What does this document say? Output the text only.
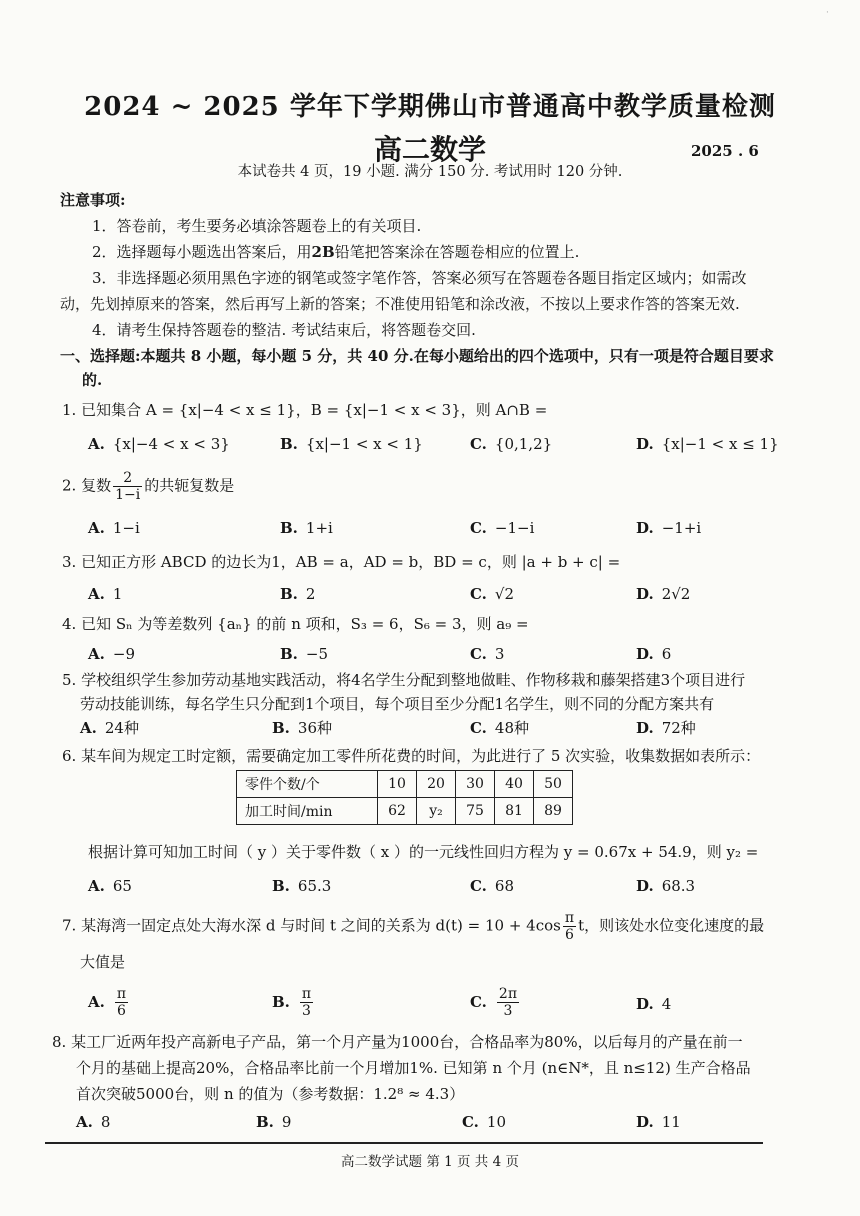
·
2024 ~ 2025 学年下学期佛山市普通高中教学质量检测
高二数学	2025 . 6
本试卷共 4 页，19 小题. 满分 150 分. 考试用时 120 分钟.
注意事项:
1．答卷前，考生要务必填涂答题卷上的有关项目.
2．选择题每小题选出答案后，用2B铅笔把答案涂在答题卷相应的位置上.
3．非选择题必须用黑色字迹的钢笔或签字笔作答，答案必须写在答题卷各题目指定区域内；如需改
动，先划掉原来的答案，然后再写上新的答案；不准使用铅笔和涂改液，不按以上要求作答的答案无效.
4．请考生保持答题卷的整洁. 考试结束后，将答题卷交回.
一、选择题:本题共 8 小题，每小题 5 分，共 40 分.在每小题给出的四个选项中，只有一项是符合题目要求
的.
1. 已知集合 A = {x|−4 < x ≤ 1}，B = {x|−1 < x < 3}，则 A∩B =
A. {x|−4 < x < 3}	B. {x|−1 < x < 1}	C. {0,1,2}	D. {x|−1 < x ≤ 1}
2. 复数 $\frac{2}{1-i}$ 的共轭复数是
A. 1−i	B. 1+i	C. −1−i	D. −1+i
3. 已知正方形 ABCD 的边长为1，AB = a，AD = b，BD = c，则 |a + b + c| =
A. 1	B. 2	C. √2	D. 2√2
4. 已知 Sₙ 为等差数列 {aₙ} 的前 n 项和，S₃ = 6，S₆ = 3，则 a₉ =
A. −9	B. −5	C. 3	D. 6
5. 学校组织学生参加劳动基地实践活动，将4名学生分配到整地做畦、作物移栽和藤架搭建3个项目进行
劳动技能训练，每名学生只分配到1个项目，每个项目至少分配1名学生，则不同的分配方案共有
A. 24种	B. 36种	C. 48种	D. 72种
6. 某车间为规定工时定额，需要确定加工零件所花费的时间，为此进行了 5 次实验，收集数据如表所示：
零件个数/个	10	20	30	40	50
加工时间/min	62	y₂	75	81	89
根据计算可知加工时间（ y ）关于零件数（ x ）的一元线性回归方程为 y = 0.67x + 54.9，则 y₂ =
A. 65	B. 65.3	C. 68	D. 68.3
7. 某海湾一固定点处大海水深 d 与时间 t 之间的关系为 $d(t) = 10 + 4\cos \frac{\pi}{6}$ t，则该处水位变化速度的最
大值是
A. $\frac{\pi}{6}$	B. $\frac{\pi}{3}$	C. $\frac{2\pi}{3}$	D. 4
8. 某工厂近两年投产高新电子产品，第一个月产量为1000台，合格品率为80%，以后每月的产量在前一
个月的基础上提高20%，合格品率比前一个月增加1%. 已知第 n 个月 (n∈N*，且 n≤12) 生产合格品
首次突破5000台，则 n 的值为（参考数据：1.2⁸ ≈ 4.3）
A. 8	B. 9	C. 10	D. 11
高二数学试题 第 1 页 共 4 页
